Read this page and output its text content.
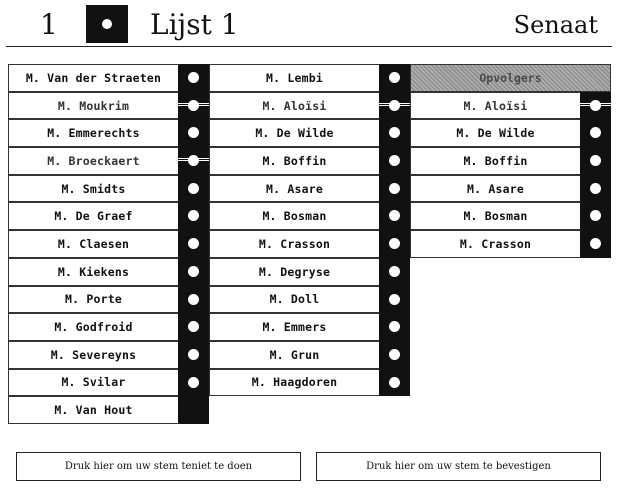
1	Lijst 1	Senaat
M. Van der Straeten
M. Moukrim
M. Emmerechts
M. Broeckaert
M. Smidts
M. De Graef
M. Claesen
M. Kiekens
M. Porte
M. Godfroid
M. Severeyns
M. Svilar
M. Van Hout
M. Lembi
M. Aloïsi
M. De Wilde
M. Boffin
M. Asare
M. Bosman
M. Crasson
M. Degryse
M. Doll
M. Emmers
M. Grun
M. Haagdoren
Opvolgers
M. Aloïsi
M. De Wilde
M. Boffin
M. Asare
M. Bosman
M. Crasson
Druk hier om uw stem teniet te doen	Druk hier om uw stem te bevestigen
